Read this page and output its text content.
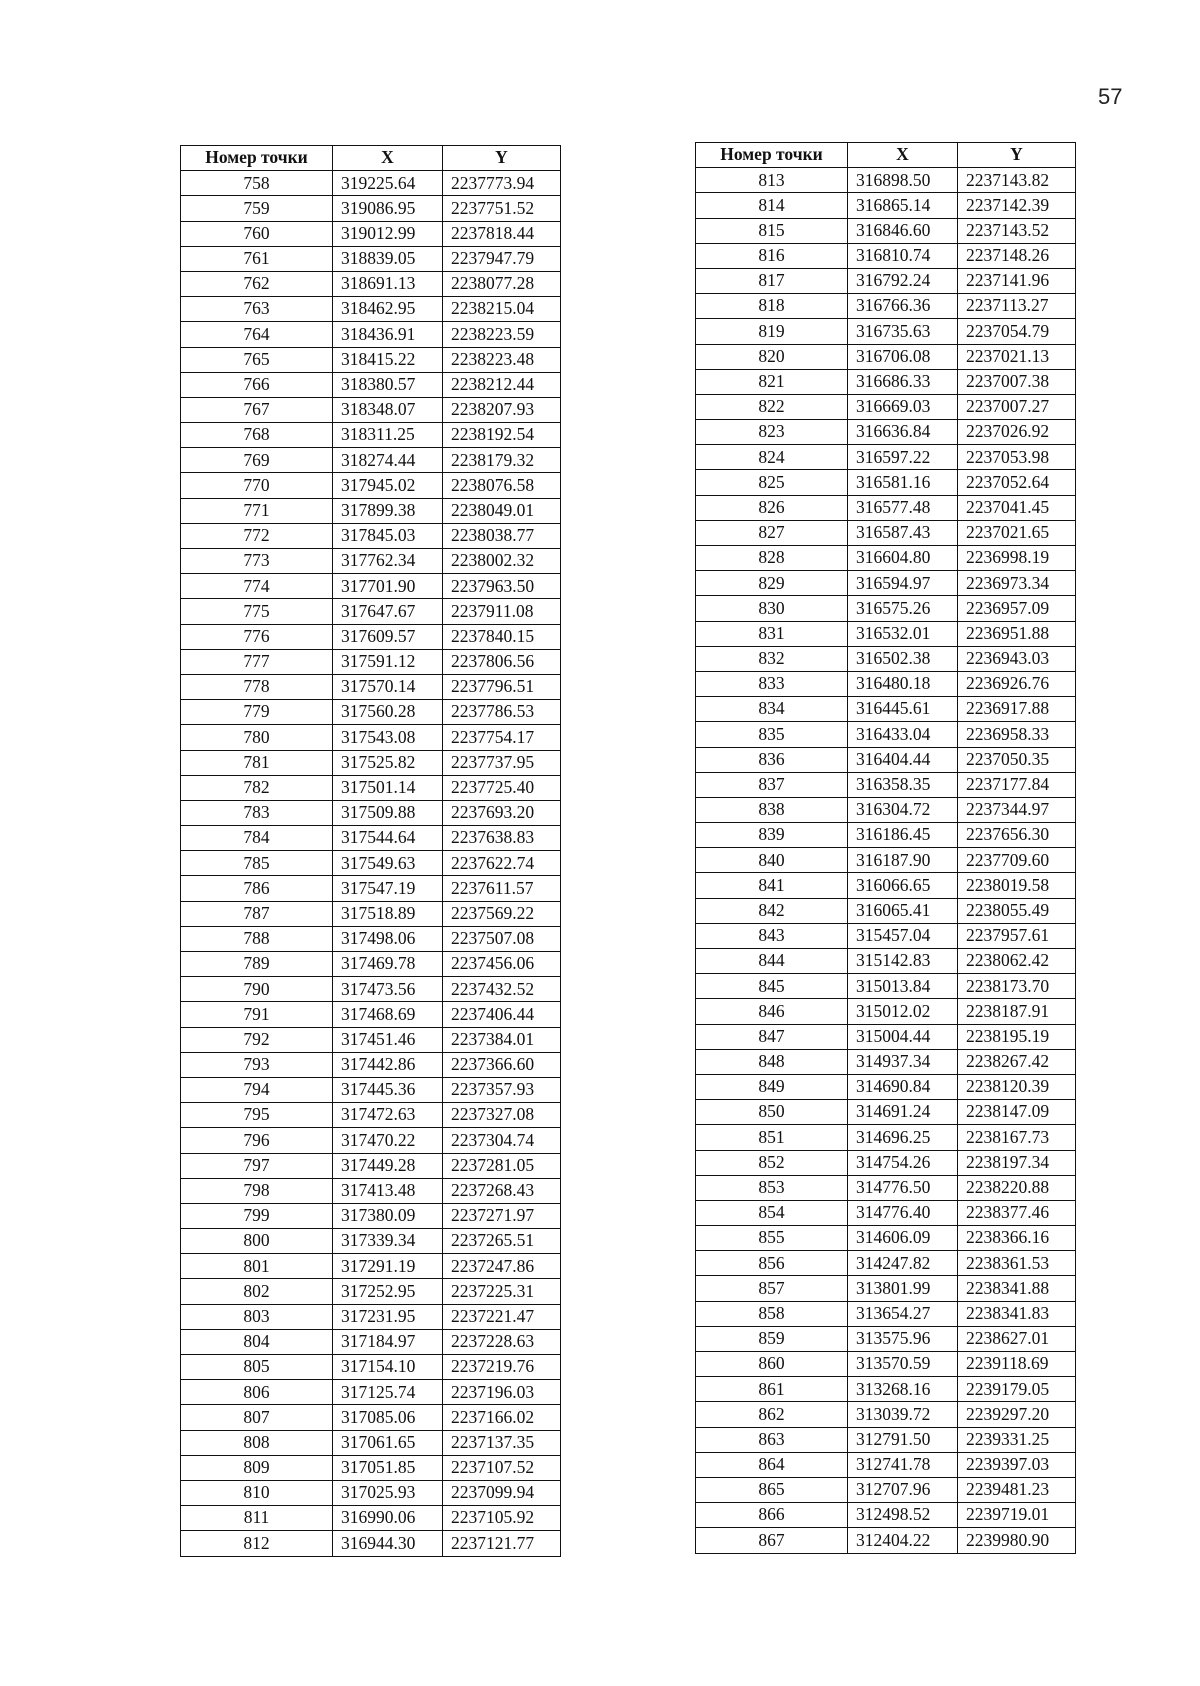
57
Номер точки	X	Y
758	319225.64	2237773.94
759	319086.95	2237751.52
760	319012.99	2237818.44
761	318839.05	2237947.79
762	318691.13	2238077.28
763	318462.95	2238215.04
764	318436.91	2238223.59
765	318415.22	2238223.48
766	318380.57	2238212.44
767	318348.07	2238207.93
768	318311.25	2238192.54
769	318274.44	2238179.32
770	317945.02	2238076.58
771	317899.38	2238049.01
772	317845.03	2238038.77
773	317762.34	2238002.32
774	317701.90	2237963.50
775	317647.67	2237911.08
776	317609.57	2237840.15
777	317591.12	2237806.56
778	317570.14	2237796.51
779	317560.28	2237786.53
780	317543.08	2237754.17
781	317525.82	2237737.95
782	317501.14	2237725.40
783	317509.88	2237693.20
784	317544.64	2237638.83
785	317549.63	2237622.74
786	317547.19	2237611.57
787	317518.89	2237569.22
788	317498.06	2237507.08
789	317469.78	2237456.06
790	317473.56	2237432.52
791	317468.69	2237406.44
792	317451.46	2237384.01
793	317442.86	2237366.60
794	317445.36	2237357.93
795	317472.63	2237327.08
796	317470.22	2237304.74
797	317449.28	2237281.05
798	317413.48	2237268.43
799	317380.09	2237271.97
800	317339.34	2237265.51
801	317291.19	2237247.86
802	317252.95	2237225.31
803	317231.95	2237221.47
804	317184.97	2237228.63
805	317154.10	2237219.76
806	317125.74	2237196.03
807	317085.06	2237166.02
808	317061.65	2237137.35
809	317051.85	2237107.52
810	317025.93	2237099.94
811	316990.06	2237105.92
812	316944.30	2237121.77
Номер точки	X	Y
813	316898.50	2237143.82
814	316865.14	2237142.39
815	316846.60	2237143.52
816	316810.74	2237148.26
817	316792.24	2237141.96
818	316766.36	2237113.27
819	316735.63	2237054.79
820	316706.08	2237021.13
821	316686.33	2237007.38
822	316669.03	2237007.27
823	316636.84	2237026.92
824	316597.22	2237053.98
825	316581.16	2237052.64
826	316577.48	2237041.45
827	316587.43	2237021.65
828	316604.80	2236998.19
829	316594.97	2236973.34
830	316575.26	2236957.09
831	316532.01	2236951.88
832	316502.38	2236943.03
833	316480.18	2236926.76
834	316445.61	2236917.88
835	316433.04	2236958.33
836	316404.44	2237050.35
837	316358.35	2237177.84
838	316304.72	2237344.97
839	316186.45	2237656.30
840	316187.90	2237709.60
841	316066.65	2238019.58
842	316065.41	2238055.49
843	315457.04	2237957.61
844	315142.83	2238062.42
845	315013.84	2238173.70
846	315012.02	2238187.91
847	315004.44	2238195.19
848	314937.34	2238267.42
849	314690.84	2238120.39
850	314691.24	2238147.09
851	314696.25	2238167.73
852	314754.26	2238197.34
853	314776.50	2238220.88
854	314776.40	2238377.46
855	314606.09	2238366.16
856	314247.82	2238361.53
857	313801.99	2238341.88
858	313654.27	2238341.83
859	313575.96	2238627.01
860	313570.59	2239118.69
861	313268.16	2239179.05
862	313039.72	2239297.20
863	312791.50	2239331.25
864	312741.78	2239397.03
865	312707.96	2239481.23
866	312498.52	2239719.01
867	312404.22	2239980.90
